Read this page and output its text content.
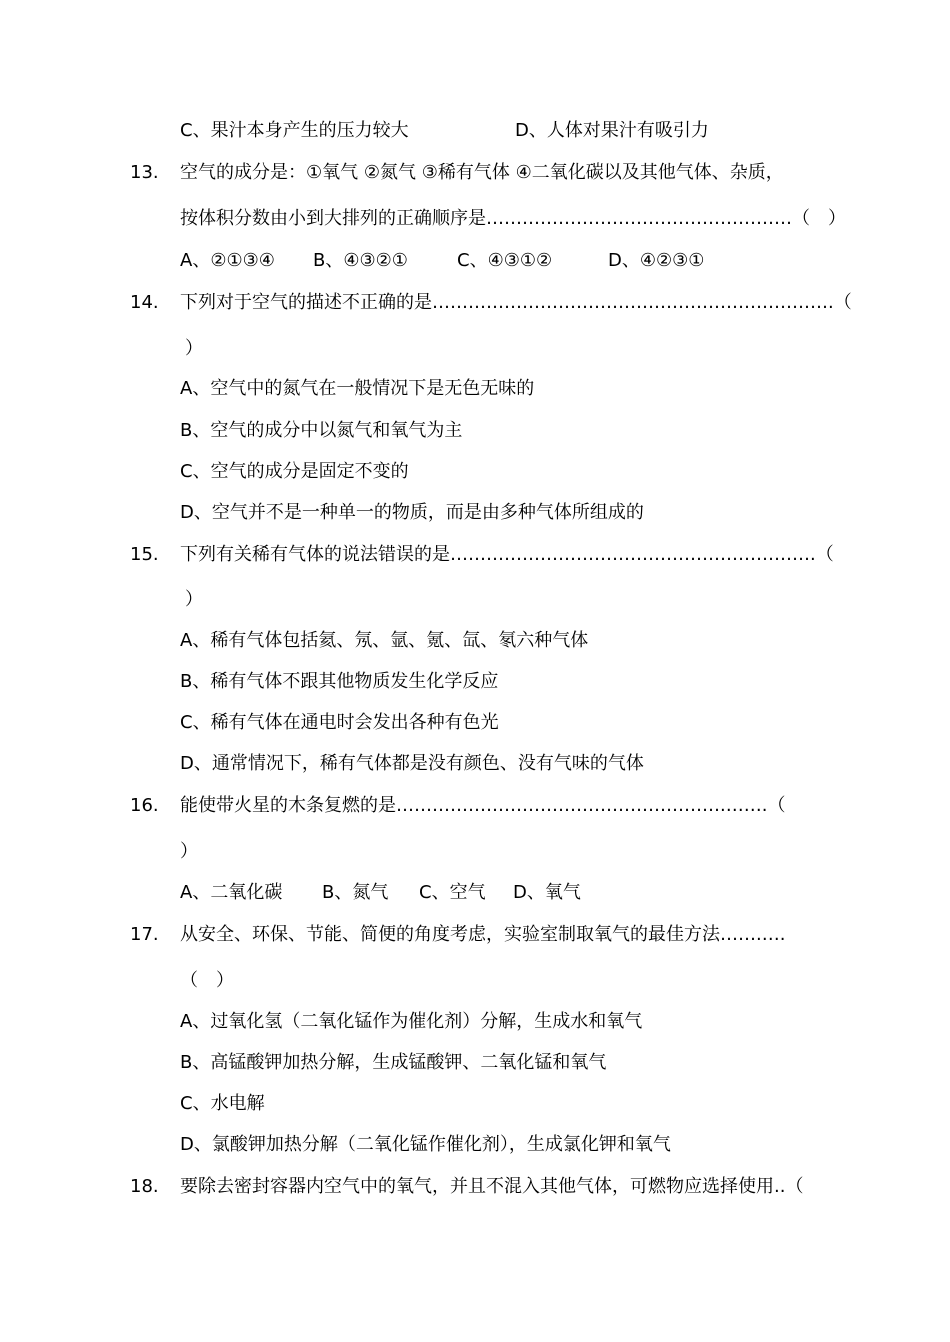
C、果汁本身产生的压力较大	D、人体对果汁有吸引力
13. 空气的成分是：①氧气 ②氮气 ③稀有气体 ④二氧化碳以及其他气体、杂质，
按体积分数由小到大排列的正确顺序是……………………………………………（　）
A、②①③④ B、④③②①	C、④③①②	D、④②③①
14. 下列对于空气的描述不正确的是………………………………………………………….（
）
A、空气中的氮气在一般情况下是无色无味的
B、空气的成分中以氮气和氧气为主
C、空气的成分是固定不变的
D、空气并不是一种单一的物质，而是由多种气体所组成的
15. 下列有关稀有气体的说法错误的是…………………………………………………….（
）
A、稀有气体包括氦、氖、氩、氪、氙、氡六种气体
B、稀有气体不跟其他物质发生化学反应
C、稀有气体在通电时会发出各种有色光
D、通常情况下，稀有气体都是没有颜色、没有气味的气体
16. 能使带火星的木条复燃的是……………………………………………….…….（
）
A、二氧化碳 B、氮气 C、空气 D、氧气
17. 从安全、环保、节能、简便的角度考虑，实验室制取氧气的最佳方法…….….
（　）
A、过氧化氢（二氧化锰作为催化剂）分解，生成水和氧气
B、高锰酸钾加热分解，生成锰酸钾、二氧化锰和氧气
C、水电解
D、氯酸钾加热分解（二氧化锰作催化剂），生成氯化钾和氧气
18. 要除去密封容器内空气中的氧气，并且不混入其他气体，可燃物应选择使用..（
